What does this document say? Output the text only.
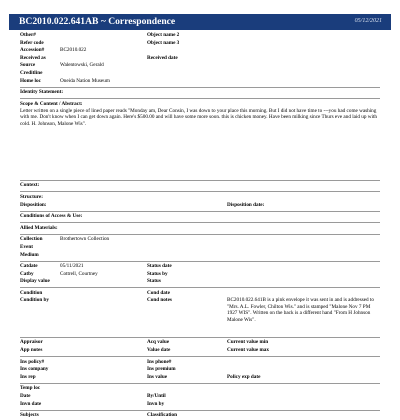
BC2010.022.641AB ~ Correspondence	05/12/2021
Other#	Object name 2
Refer code	Object name 3
Accession#	BC2010.022
Received as	Received date
Source	Walentowski, Gerald
Creditline
Home loc	Oneida Nation Museum
Identity Statement:
Scope & Content / Abstract:
Letter written on a single piece of lined paper reads "Monday am, Dear Consin, I was down to your place this morning. But I did not have time to ---you had come washing with me. Don't know when I can get down again. Here's $500.00 and will have some more soon. this is chicken money. Have been milking since Thurs eve and laid up with cold. H. Johnson, Malone Wis".
Context:
Structure:
Disposition:	Disposition date:
Conditions of Access & Use:
Allied Materials:
Collection	Brothertown Collection
Event
Medium
Catdate	05/11/2021	Status date
Catby	Cottrell, Courtney	Status by
Display value	Status
Condition	Cond date
Condition by	Cond notes	BC2010.022.641B is a pink envelope it was sent in and is addressed to "Mrs. A.L. Fowler, Chilton Wis." and is stamped "Malone Nov 7 PM 1927 WIS". Written on the back is a different hand "From H Johnson Malone Wis".
Appraisor	Acq value	Current value min
App notes	Value date	Current value max
Ins policy#	Ins phone#
Ins company	Ins premium
Ins rep	Ins value	Policy exp date
Temp loc
Date	By/Until
Invn date	Invn by
Subjects	Classification
